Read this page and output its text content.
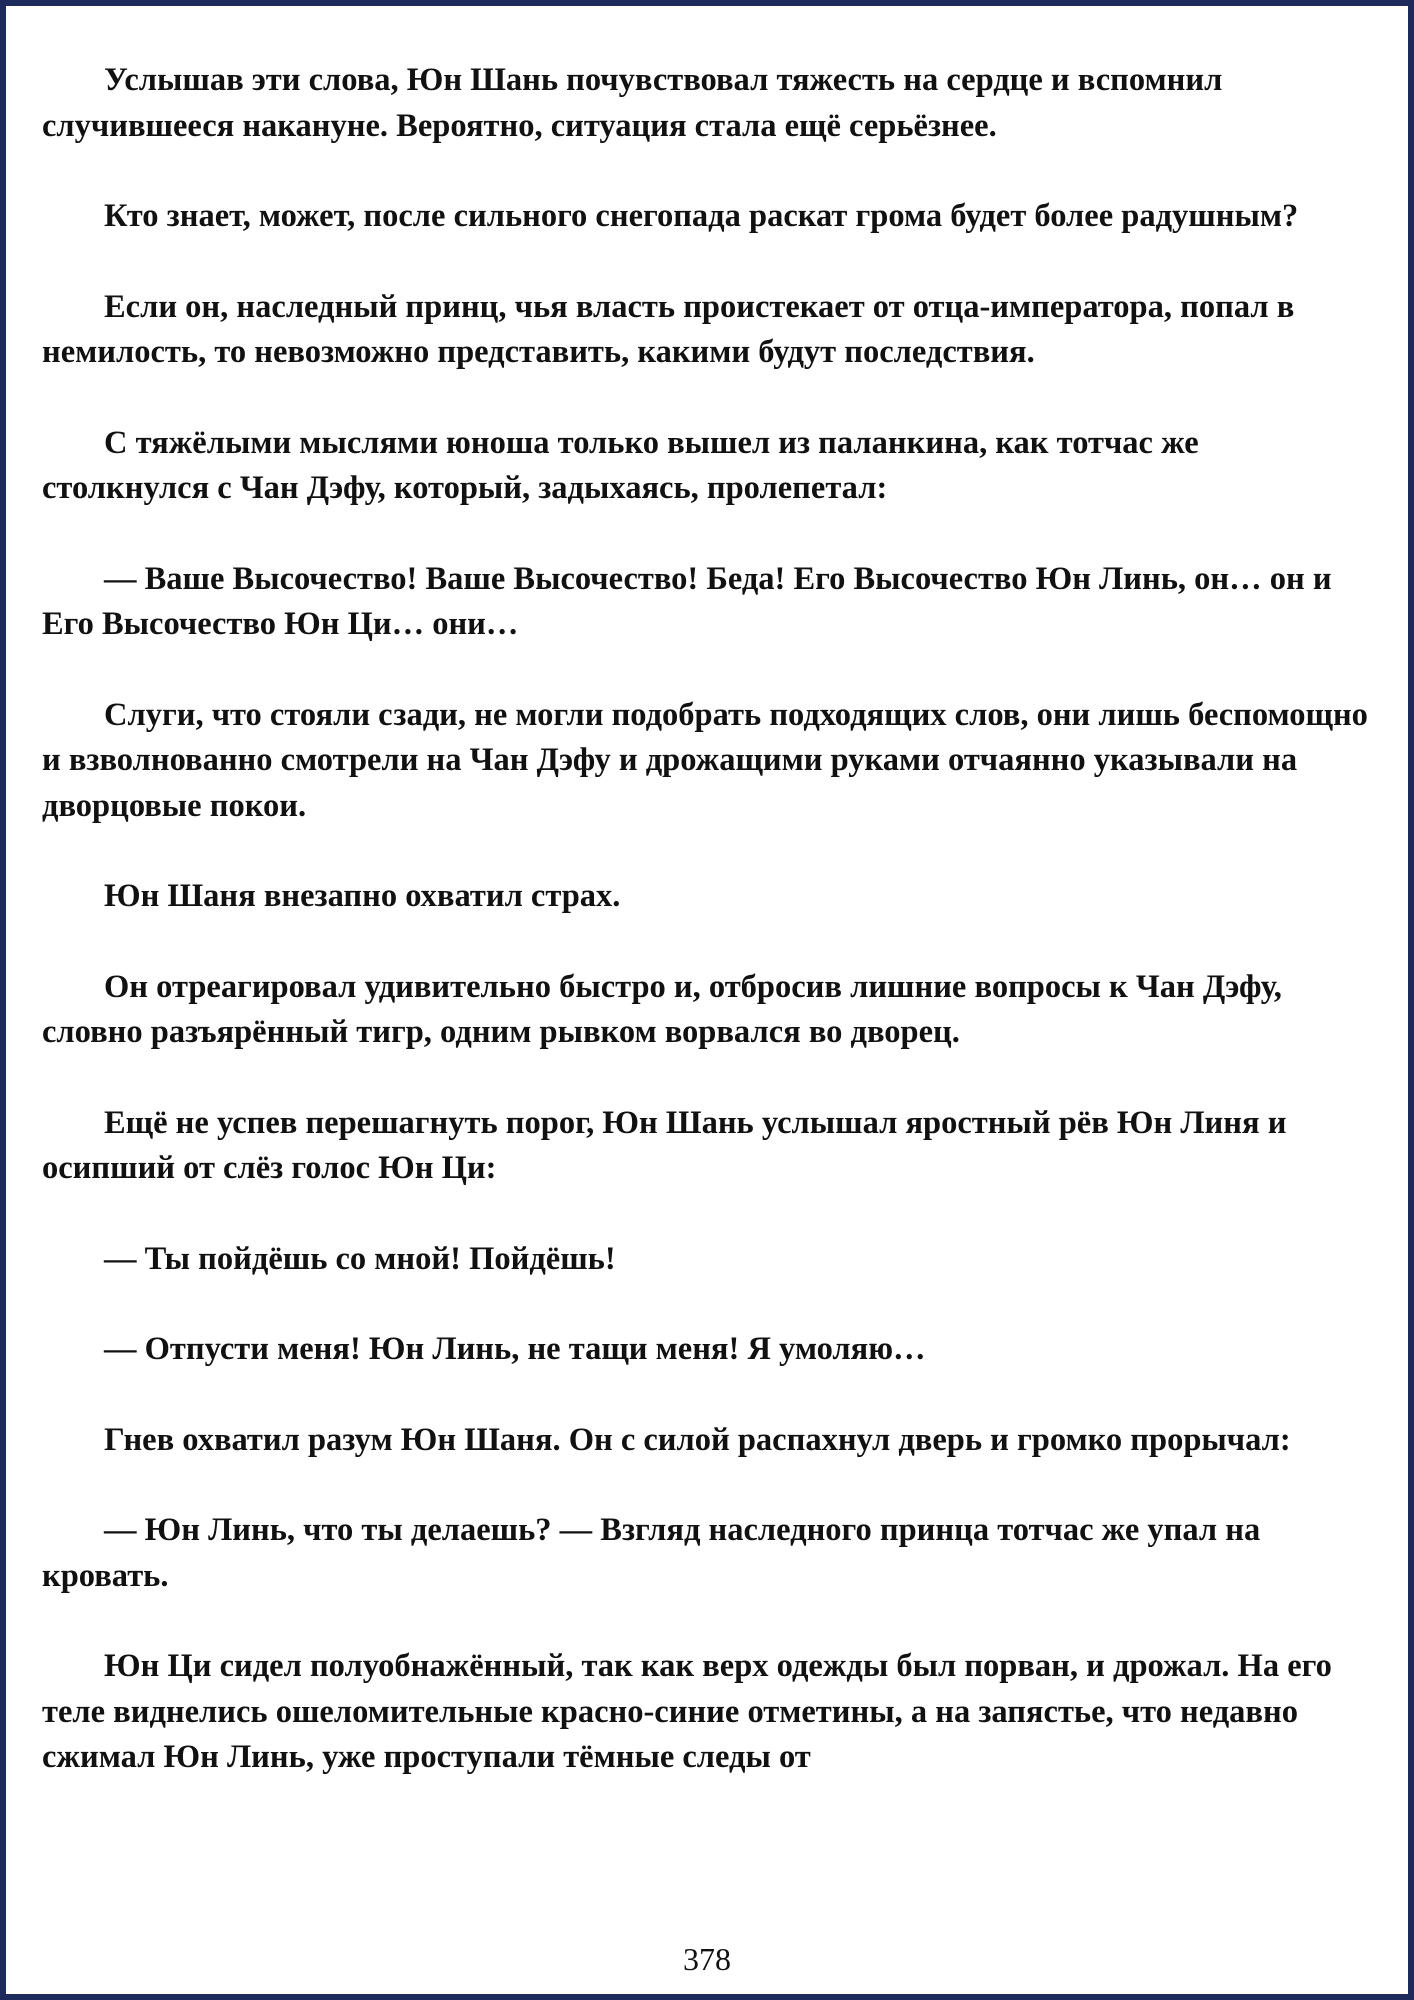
Услышав эти слова, Юн Шань почувствовал тяжесть на сердце и вспомнил случившееся накануне. Вероятно, ситуация стала ещё серьёзнее.

Кто знает, может, после сильного снегопада раскат грома будет более радушным?

Если он, наследный принц, чья власть проистекает от отца-императора, попал в немилость, то невозможно представить, какими будут последствия.

С тяжёлыми мыслями юноша только вышел из паланкина, как тотчас же столкнулся с Чан Дэфу, который, задыхаясь, пролепетал:

— Ваше Высочество! Ваше Высочество! Беда! Его Высочество Юн Линь, он… он и Его Высочество Юн Ци… они…

Слуги, что стояли сзади, не могли подобрать подходящих слов, они лишь беспомощно и взволнованно смотрели на Чан Дэфу и дрожащими руками отчаянно указывали на дворцовые покои.

Юн Шаня внезапно охватил страх.

Он отреагировал удивительно быстро и, отбросив лишние вопросы к Чан Дэфу, словно разъярённый тигр, одним рывком ворвался во дворец.

Ещё не успев перешагнуть порог, Юн Шань услышал яростный рёв Юн Линя и осипший от слёз голос Юн Ци:

— Ты пойдёшь со мной! Пойдёшь!

— Отпусти меня! Юн Линь, не тащи меня! Я умоляю…

Гнев охватил разум Юн Шаня. Он с силой распахнул дверь и громко прорычал:

— Юн Линь, что ты делаешь? — Взгляд наследного принца тотчас же упал на кровать.

Юн Ци сидел полуобнажённый, так как верх одежды был порван, и дрожал. На его теле виднелись ошеломительные красно-синие отметины, а на запястье, что недавно сжимал Юн Линь, уже проступали тёмные следы от

378
